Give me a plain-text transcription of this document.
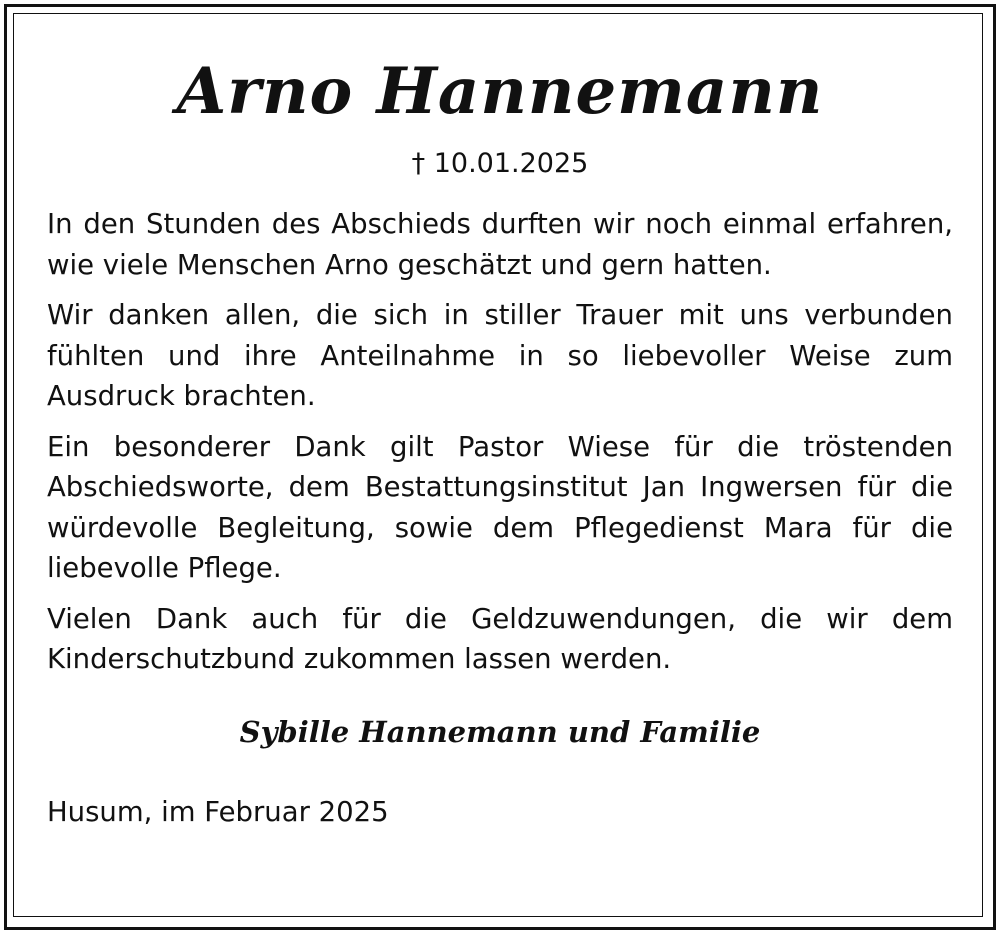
Arno Hannemann
† 10.01.2025

In den Stunden des Abschieds durften wir noch einmal erfahren, wie viele Menschen Arno geschätzt und gern hatten.

Wir danken allen, die sich in stiller Trauer mit uns verbunden fühlten und ihre Anteilnahme in so liebevoller Weise zum Ausdruck brachten.

Ein besonderer Dank gilt Pastor Wiese für die tröstenden Abschiedsworte, dem Bestattungsinstitut Jan Ingwersen für die würdevolle Begleitung, sowie dem Pflegedienst Mara für die liebevolle Pflege.

Vielen Dank auch für die Geldzuwendungen, die wir dem Kinderschutzbund zukommen lassen werden.

Sybille Hannemann und Familie
Husum, im Februar 2025
